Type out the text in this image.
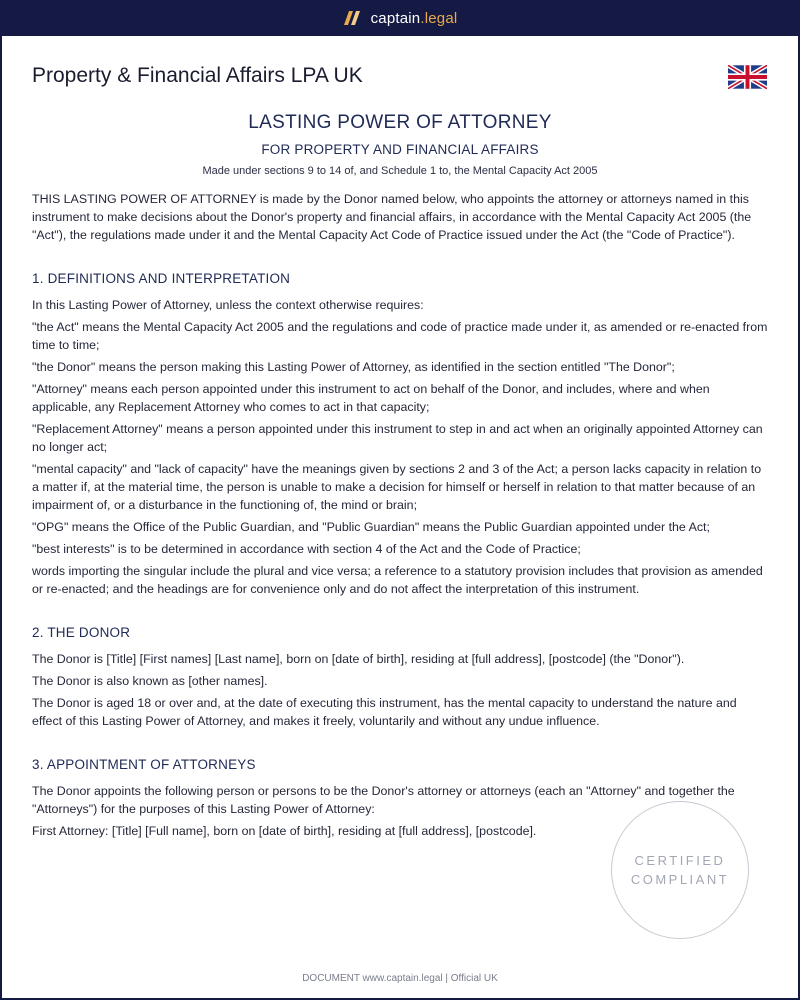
captain.legal
Property & Financial Affairs LPA UK
LASTING POWER OF ATTORNEY
FOR PROPERTY AND FINANCIAL AFFAIRS
Made under sections 9 to 14 of, and Schedule 1 to, the Mental Capacity Act 2005

THIS LASTING POWER OF ATTORNEY is made by the Donor named below, who appoints the attorney or attorneys named in this instrument to make decisions about the Donor's property and financial affairs, in accordance with the Mental Capacity Act 2005 (the "Act"), the regulations made under it and the Mental Capacity Act Code of Practice issued under the Act (the "Code of Practice").

1. DEFINITIONS AND INTERPRETATION

In this Lasting Power of Attorney, unless the context otherwise requires:

"the Act" means the Mental Capacity Act 2005 and the regulations and code of practice made under it, as amended or re-enacted from time to time;

"the Donor" means the person making this Lasting Power of Attorney, as identified in the section entitled "The Donor";

"Attorney" means each person appointed under this instrument to act on behalf of the Donor, and includes, where and when applicable, any Replacement Attorney who comes to act in that capacity;

"Replacement Attorney" means a person appointed under this instrument to step in and act when an originally appointed Attorney can no longer act;

"mental capacity" and "lack of capacity" have the meanings given by sections 2 and 3 of the Act; a person lacks capacity in relation to a matter if, at the material time, the person is unable to make a decision for himself or herself in relation to that matter because of an impairment of, or a disturbance in the functioning of, the mind or brain;

"OPG" means the Office of the Public Guardian, and "Public Guardian" means the Public Guardian appointed under the Act;

"best interests" is to be determined in accordance with section 4 of the Act and the Code of Practice;

words importing the singular include the plural and vice versa; a reference to a statutory provision includes that provision as amended or re-enacted; and the headings are for convenience only and do not affect the interpretation of this instrument.

2. THE DONOR

The Donor is [Title] [First names] [Last name], born on [date of birth], residing at [full address], [postcode] (the "Donor").

The Donor is also known as [other names].

The Donor is aged 18 or over and, at the date of executing this instrument, has the mental capacity to understand the nature and effect of this Lasting Power of Attorney, and makes it freely, voluntarily and without any undue influence.

3. APPOINTMENT OF ATTORNEYS

The Donor appoints the following person or persons to be the Donor's attorney or attorneys (each an "Attorney" and together the "Attorneys") for the purposes of this Lasting Power of Attorney:

First Attorney: [Title] [Full name], born on [date of birth], residing at [full address], [postcode].

CERTIFIED
COMPLIANT
DOCUMENT www.captain.legal | Official UK
